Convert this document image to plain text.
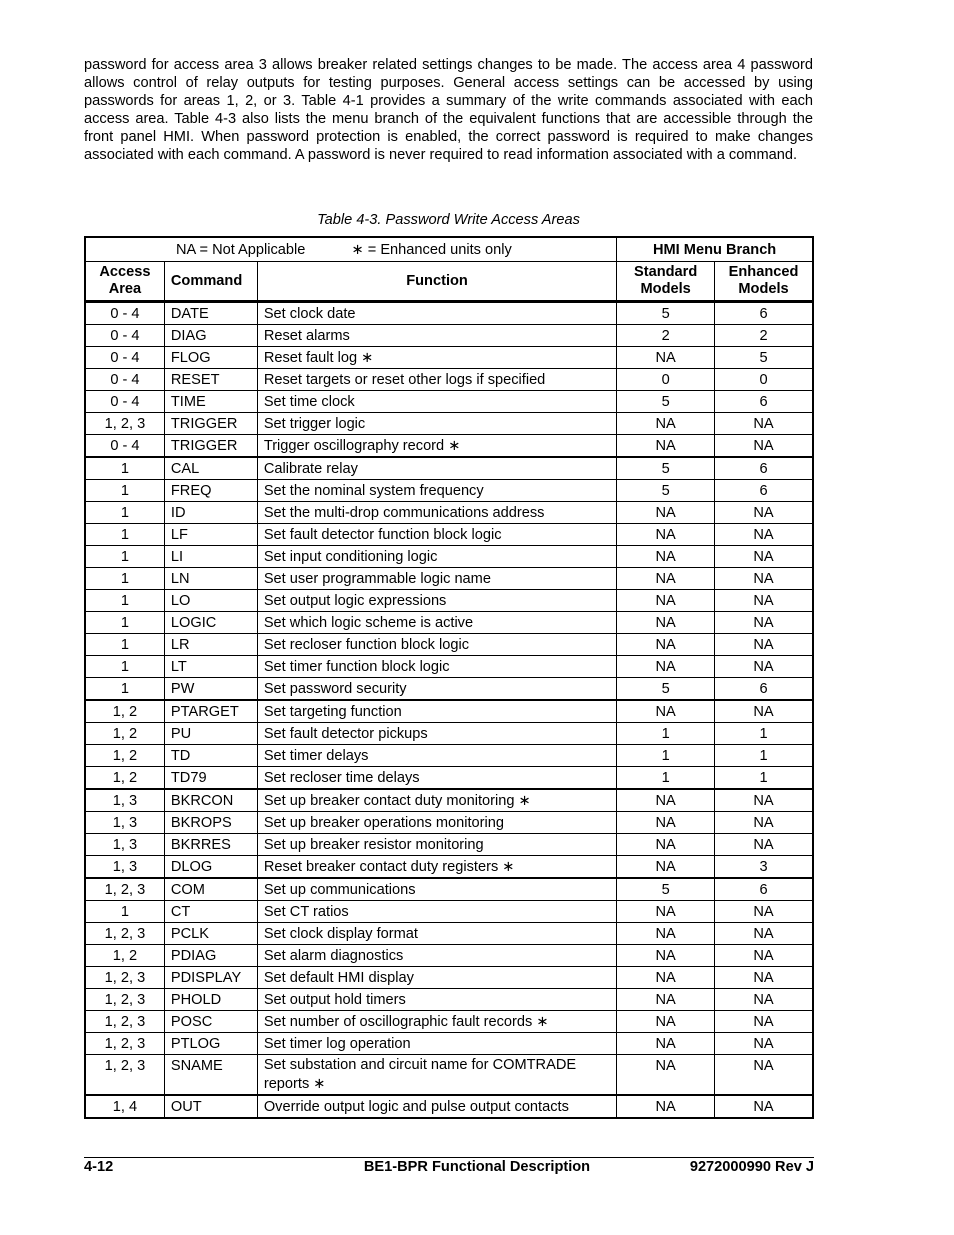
password for access area 3 allows breaker related settings changes to be made. The access area 4 password allows control of relay outputs for testing purposes. General access settings can be accessed by using passwords for areas 1, 2, or 3. Table 4-1 provides a summary of the write commands associated with each access area. Table 4-3 also lists the menu branch of the equivalent functions that are accessible through the front panel HMI. When password protection is enabled, the correct password is required to make changes associated with each command. A password is never required to read information associated with a command.

Table 4-3. Password Write Access Areas
NA = Not Applicable ∗ = Enhanced units only			HMI Menu Branch	
Access Area	Command	Function	Standard Models	Enhanced Models
0 - 4	DATE	Set clock date	5	6
0 - 4	DIAG	Reset alarms	2	2
0 - 4	FLOG	Reset fault log ∗	NA	5
0 - 4	RESET	Reset targets or reset other logs if specified	0	0
0 - 4	TIME	Set time clock	5	6
1, 2, 3	TRIGGER	Set trigger logic	NA	NA
0 - 4	TRIGGER	Trigger oscillography record ∗	NA	NA
1	CAL	Calibrate relay	5	6
1	FREQ	Set the nominal system frequency	5	6
1	ID	Set the multi-drop communications address	NA	NA
1	LF	Set fault detector function block logic	NA	NA
1	LI	Set input conditioning logic	NA	NA
1	LN	Set user programmable logic name	NA	NA
1	LO	Set output logic expressions	NA	NA
1	LOGIC	Set which logic scheme is active	NA	NA
1	LR	Set recloser function block logic	NA	NA
1	LT	Set timer function block logic	NA	NA
1	PW	Set password security	5	6
1, 2	PTARGET	Set targeting function	NA	NA
1, 2	PU	Set fault detector pickups	1	1
1, 2	TD	Set timer delays	1	1
1, 2	TD79	Set recloser time delays	1	1
1, 3	BKRCON	Set up breaker contact duty monitoring ∗	NA	NA
1, 3	BKROPS	Set up breaker operations monitoring	NA	NA
1, 3	BKRRES	Set up breaker resistor monitoring	NA	NA
1, 3	DLOG	Reset breaker contact duty registers ∗	NA	3
1, 2, 3	COM	Set up communications	5	6
1	CT	Set CT ratios	NA	NA
1, 2, 3	PCLK	Set clock display format	NA	NA
1, 2	PDIAG	Set alarm diagnostics	NA	NA
1, 2, 3	PDISPLAY	Set default HMI display	NA	NA
1, 2, 3	PHOLD	Set output hold timers	NA	NA
1, 2, 3	POSC	Set number of oscillographic fault records ∗	NA	NA
1, 2, 3	PTLOG	Set timer log operation	NA	NA
1, 2, 3	SNAME	Set substation and circuit name for COMTRADE reports ∗	NA	NA
1, 4	OUT	Override output logic and pulse output contacts	NA	NA
4-12	BE1-BPR Functional Description	9272000990 Rev J
